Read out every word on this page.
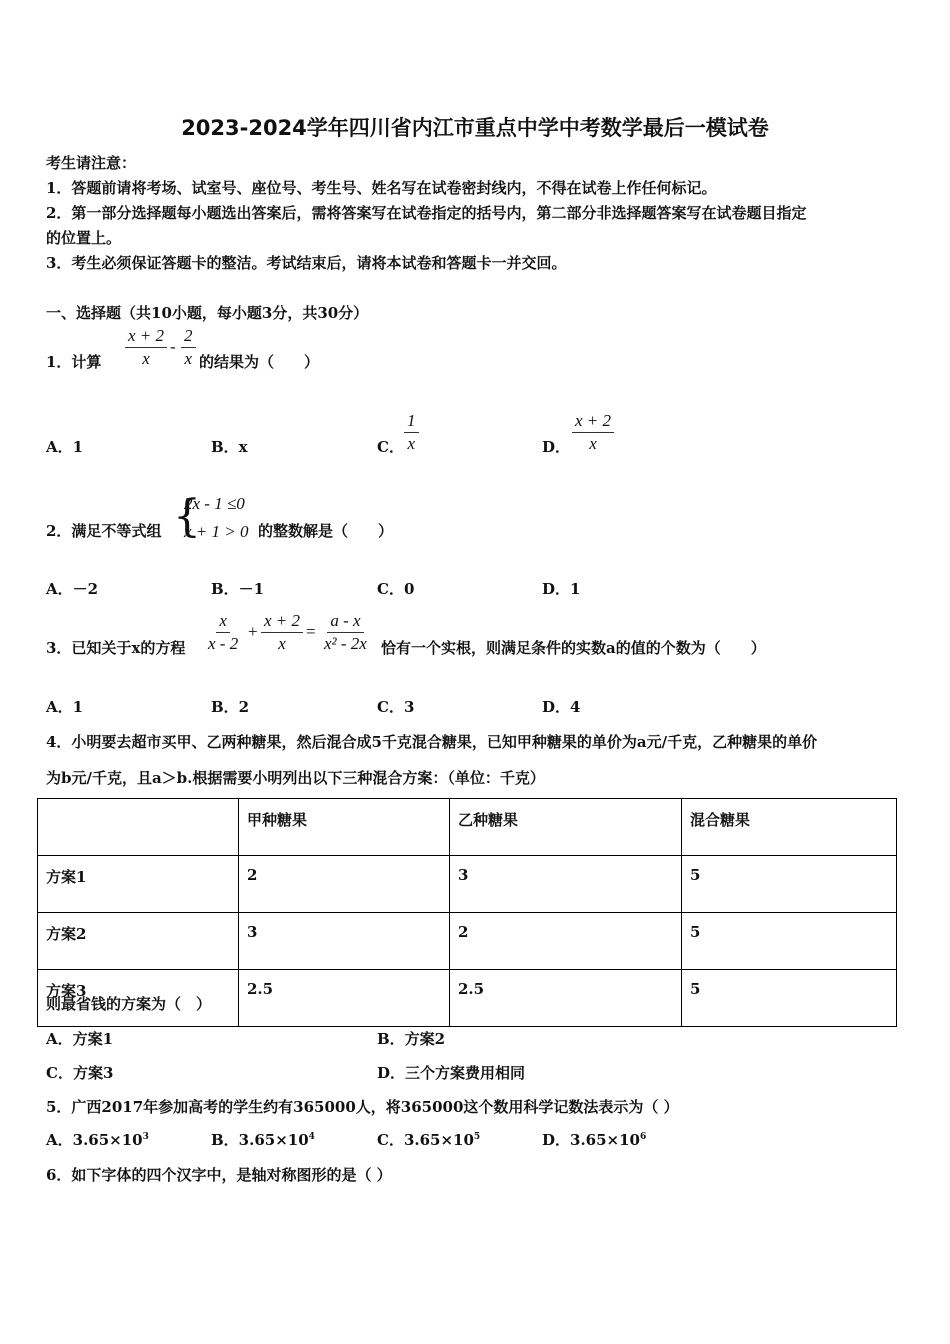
2023-2024学年四川省内江市重点中学中考数学最后一模试卷
考生请注意：
1．答题前请将考场、试室号、座位号、考生号、姓名写在试卷密封线内，不得在试卷上作任何标记。
2．第一部分选择题每小题选出答案后，需将答案写在试卷指定的括号内，第二部分非选择题答案写在试卷题目指定
的位置上。
3．考生必须保证答题卡的整洁。考试结束后，请将本试卷和答题卡一并交回。
一、选择题（共10小题，每小题3分，共30分）
1．计算 $\frac{x + 2}{x} - \frac{2}{x}$ 的结果为（　　）
A．1	B．x	C． $\frac{1}{x}$	D． $\frac{x + 2}{x}$
2．满足不等式组 {
2x - 1 ≤0
x + 1 > 0 的整数解是（　　）
A．－2	B．－1	C．0	D．1
3．已知关于x的方程 $\frac{x}{x - 2} + \frac{x + 2}{x} = \frac{a - x}{\text{x² - 2x}}$ 恰有一个实根，则满足条件的实数a的值的个数为（　　）
A．1	B．2	C．3	D．4
4．小明要去超市买甲、乙两种糖果，然后混合成5千克混合糖果，已知甲种糖果的单价为a元/千克，乙种糖果的单价
为b元/千克，且a＞b.根据需要小明列出以下三种混合方案：（单位：千克）
	甲种糖果	乙种糖果	混合糖果
方案1	2	3	5
方案2	3	2	5
方案3	2.5	2.5	5
则最省钱的方案为（　）
A．方案1	B．方案2
C．方案3	D．三个方案费用相同
5．广西2017年参加高考的学生约有365000人，将365000这个数用科学记数法表示为（ ）
A．$3.65\times 10^3$	B．$3.65\times 10^4$	C．$3.65\times 10^5$	D．$3.65\times 10^6$
6．如下字体的四个汉字中，是轴对称图形的是（ ）
